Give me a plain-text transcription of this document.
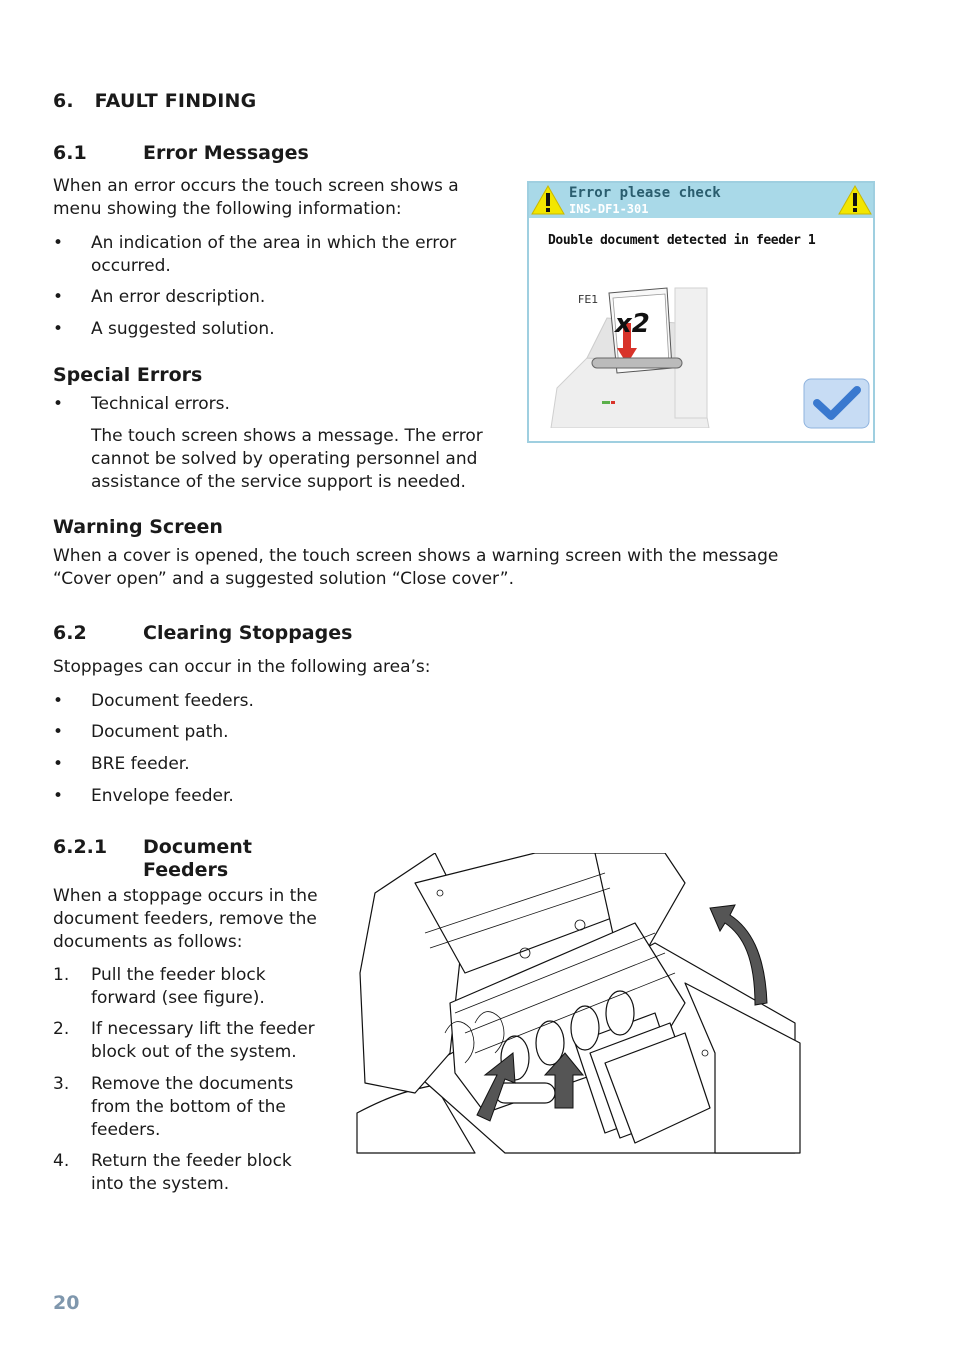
6. FAULT FINDING
6.1	Error Messages
When an error occurs the touch screen shows a
menu showing the following information:
• An indication of the area in which the error
occurred.
• An error description.
• A suggested solution.
Special Errors
• Technical errors.
The touch screen shows a message. The error
cannot be solved by operating personnel and
assistance of the service support is needed.
Error please check
INS-DF1-301
Double document detected in feeder 1
FE1
x2
Warning Screen
When a cover is opened, the touch screen shows a warning screen with the message
“Cover open” and a suggested solution “Close cover”.
6.2	Clearing Stoppages
Stoppages can occur in the following area’s:
• Document feeders.
• Document path.
• BRE feeder.
• Envelope feeder.
6.2.1 Document
Feeders
When a stoppage occurs in the
document feeders, remove the
documents as follows:
1. Pull the feeder block
forward (see figure).
2. If necessary lift the feeder
block out of the system.
3. Remove the documents
from the bottom of the
feeders.
4. Return the feeder block
into the system.
20
